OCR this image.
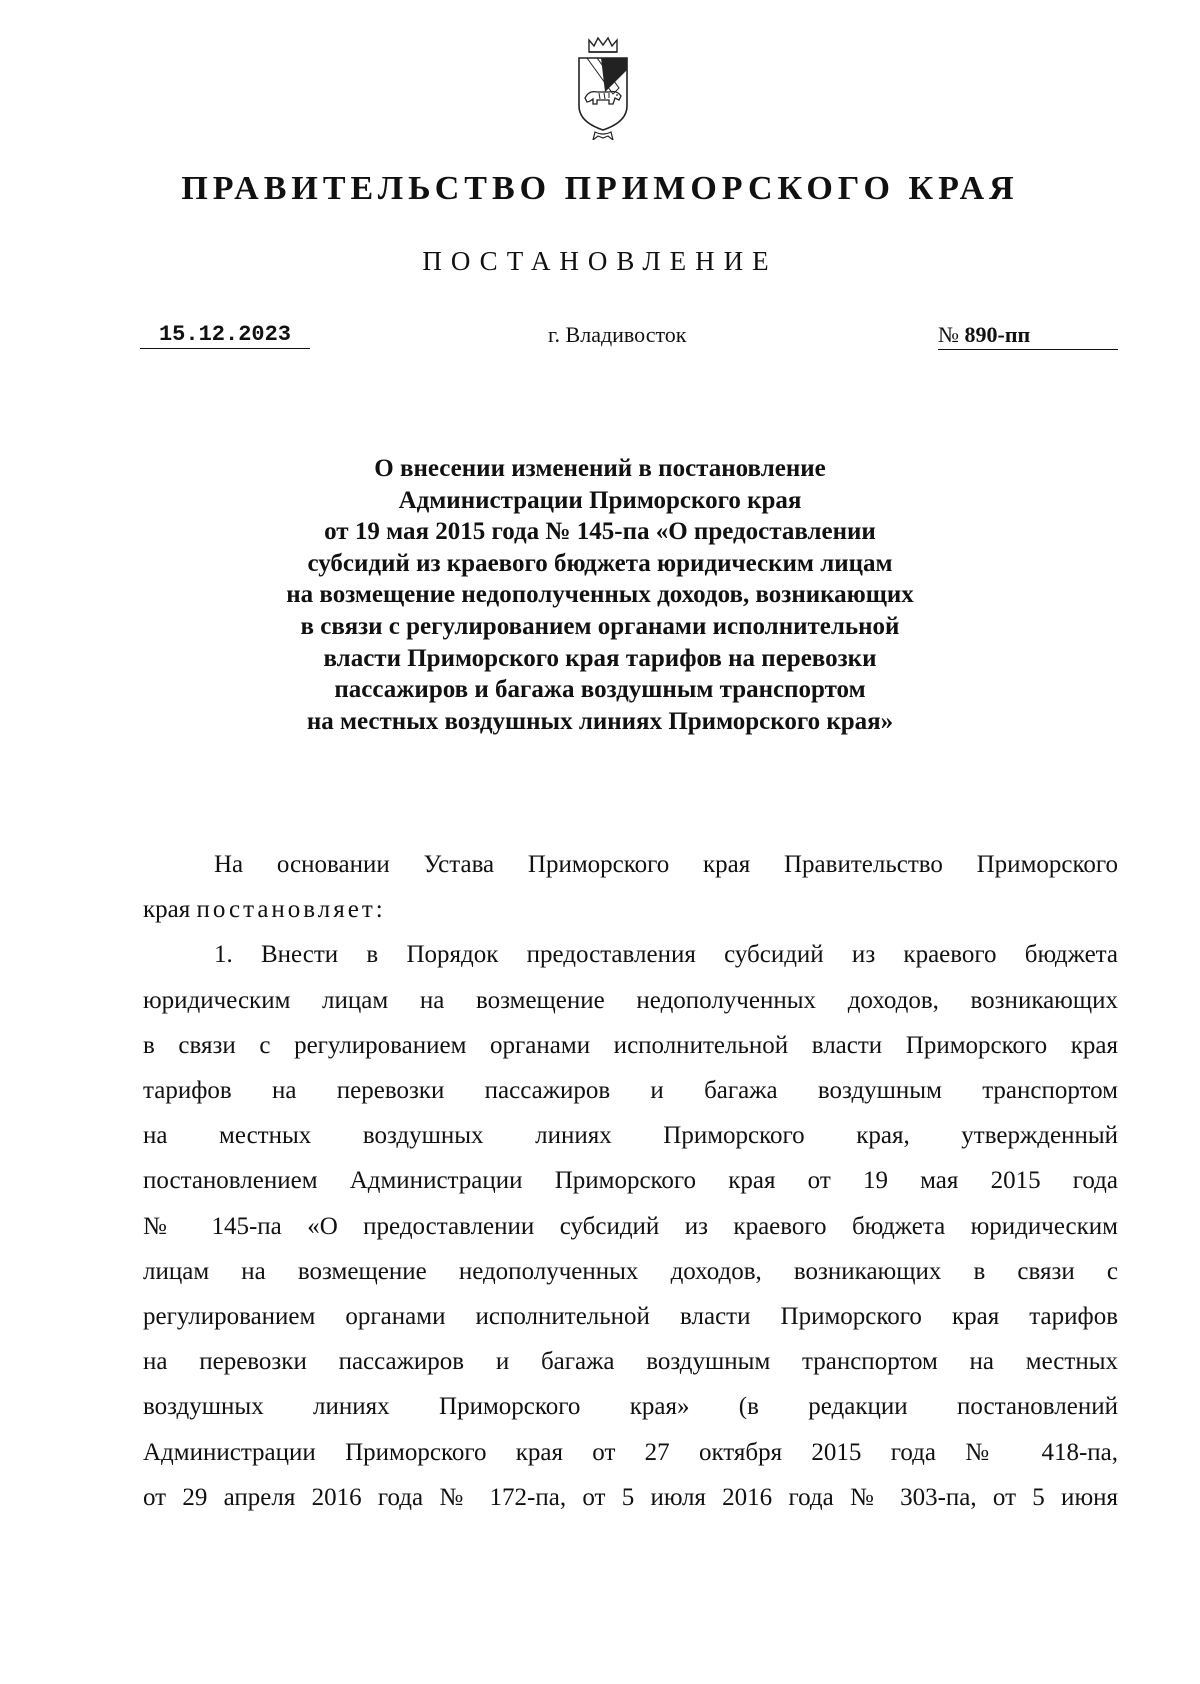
ПРАВИТЕЛЬСТВО ПРИМОРСКОГО КРАЯ
ПОСТАНОВЛЕНИЕ
15.12.2023	г. Владивосток	№ 890-пп
О внесении изменений в постановление
Администрации Приморского края
от 19 мая 2015 года № 145-па «О предоставлении
субсидий из краевого бюджета юридическим лицам
на возмещение недополученных доходов, возникающих
в связи с регулированием органами исполнительной
власти Приморского края тарифов на перевозки
пассажиров и багажа воздушным транспортом
на местных воздушных линиях Приморского края»

На основании Устава Приморского края Правительство Приморского

края постановляет:

1. Внести в Порядок предоставления субсидий из краевого бюджета

юридическим лицам на возмещение недополученных доходов, возникающих

в связи с регулированием органами исполнительной власти Приморского края

тарифов на перевозки пассажиров и багажа воздушным транспортом

на местных воздушных линиях Приморского края, утвержденный

постановлением Администрации Приморского края от 19 мая 2015 года

№ 145-па «О предоставлении субсидий из краевого бюджета юридическим

лицам на возмещение недополученных доходов, возникающих в связи с

регулированием органами исполнительной власти Приморского края тарифов

на перевозки пассажиров и багажа воздушным транспортом на местных

воздушных линиях Приморского края» (в редакции постановлений

Администрации Приморского края от 27 октября 2015 года № 418-па,

от 29 апреля 2016 года № 172-па, от 5 июля 2016 года № 303-па, от 5 июня
